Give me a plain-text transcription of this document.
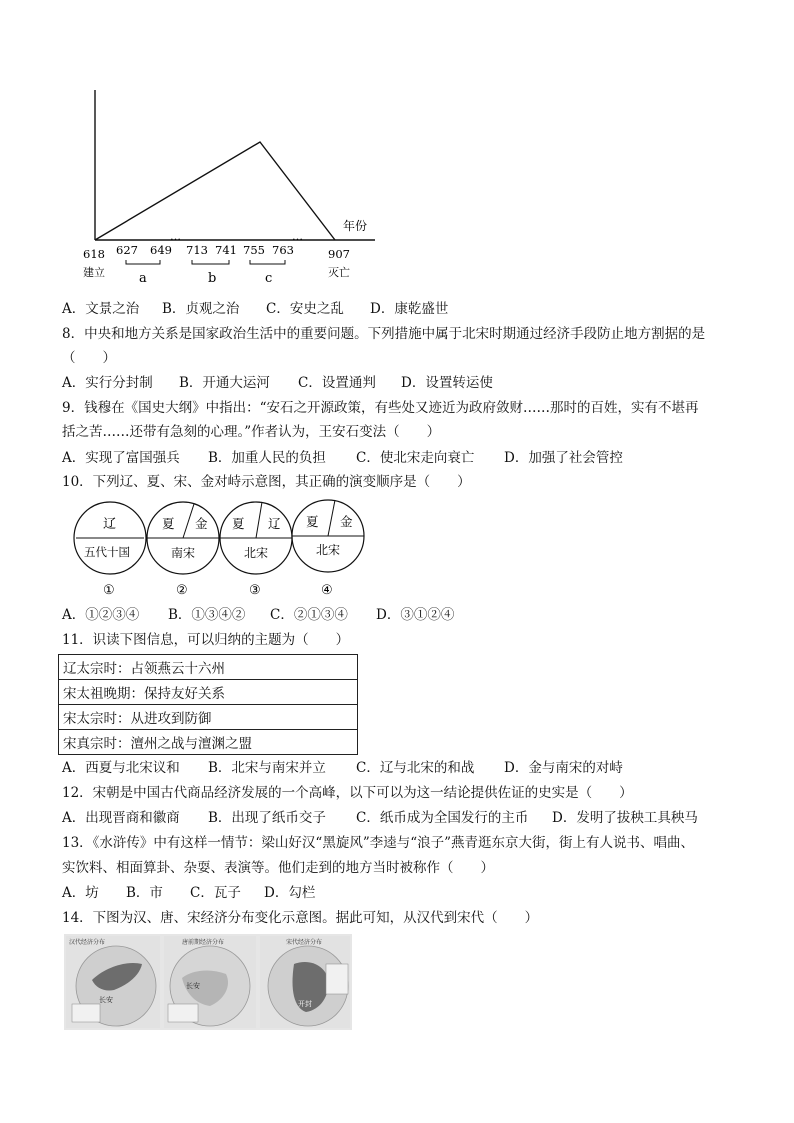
年份
618 627 649
…
713 741 755 763
…
907
建立	灭亡
a	b	c
A．文景之治 B．贞观之治 C．安史之乱 D．康乾盛世
8．中央和地方关系是国家政治生活中的重要问题。下列措施中属于北宋时期通过经济手段防止地方割据的是
（　　）
A．实行分封制 B．开通大运河 C．设置通判 D．设置转运使
9．钱穆在《国史大纲》中指出：“安石之开源政策，有些处又迹近为政府敛财……那时的百姓，实有不堪再
括之苦……还带有急刻的心理。”作者认为，王安石变法（　　）
A．实现了富国强兵 B．加重人民的负担 C．使北宋走向衰亡 D．加强了社会管控
10．下列辽、夏、宋、金对峙示意图，其正确的演变顺序是（　　）
辽
五代十国
①
夏 金
南宋
②
夏 辽
北宋
③
夏 金
北宋
④
A．①②③④ B．①③④② C．②①③④ D．③①②④
11．识读下图信息，可以归纳的主题为（　　）
辽太宗时：占领燕云十六州
宋太祖晚期：保持友好关系
宋太宗时：从进攻到防御
宋真宗时：澶州之战与澶渊之盟
A．西夏与北宋议和 B．北宋与南宋并立 C．辽与北宋的和战 D．金与南宋的对峙
12．宋朝是中国古代商品经济发展的一个高峰，以下可以为这一结论提供佐证的史实是（　　）
A．出现晋商和徽商 B．出现了纸币交子 C．纸币成为全国发行的主币 D．发明了拔秧工具秧马
13．《水浒传》中有这样一情节：梁山好汉“黑旋风”李逵与“浪子”燕青逛东京大街，街上有人说书、唱曲、
实饮料、相面算卦、杂耍、表演等。他们走到的地方当时被称作（　　）
A．坊 B．市 C．瓦子 D．勾栏
14．下图为汉、唐、宋经济分布变化示意图。据此可知，从汉代到宋代（　　）
汉代经济分布
长安
唐前期经济分布
长安
宋代经济分布
开封
